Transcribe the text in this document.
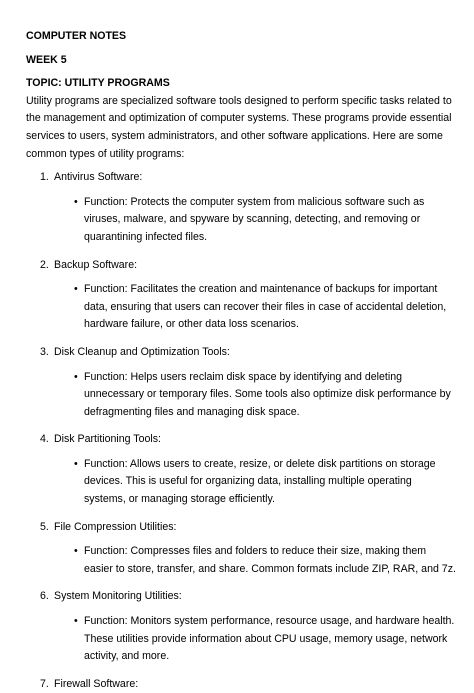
COMPUTER NOTES

WEEK 5

TOPIC: UTILITY PROGRAMS

Utility programs are specialized software tools designed to perform specific tasks related to the management and optimization of computer systems. These programs provide essential services to users, system administrators, and other software applications. Here are some common types of utility programs:

1. Antivirus Software:
• Function: Protects the computer system from malicious software such as viruses, malware, and spyware by scanning, detecting, and removing or quarantining infected files.
2. Backup Software:
• Function: Facilitates the creation and maintenance of backups for important data, ensuring that users can recover their files in case of accidental deletion, hardware failure, or other data loss scenarios.
3. Disk Cleanup and Optimization Tools:
• Function: Helps users reclaim disk space by identifying and deleting unnecessary or temporary files. Some tools also optimize disk performance by defragmenting files and managing disk space.
4. Disk Partitioning Tools:
• Function: Allows users to create, resize, or delete disk partitions on storage devices. This is useful for organizing data, installing multiple operating systems, or managing storage efficiently.
5. File Compression Utilities:
• Function: Compresses files and folders to reduce their size, making them easier to store, transfer, and share. Common formats include ZIP, RAR, and 7z.
6. System Monitoring Utilities:
• Function: Monitors system performance, resource usage, and hardware health. These utilities provide information about CPU usage, memory usage, network activity, and more.
7. Firewall Software:
